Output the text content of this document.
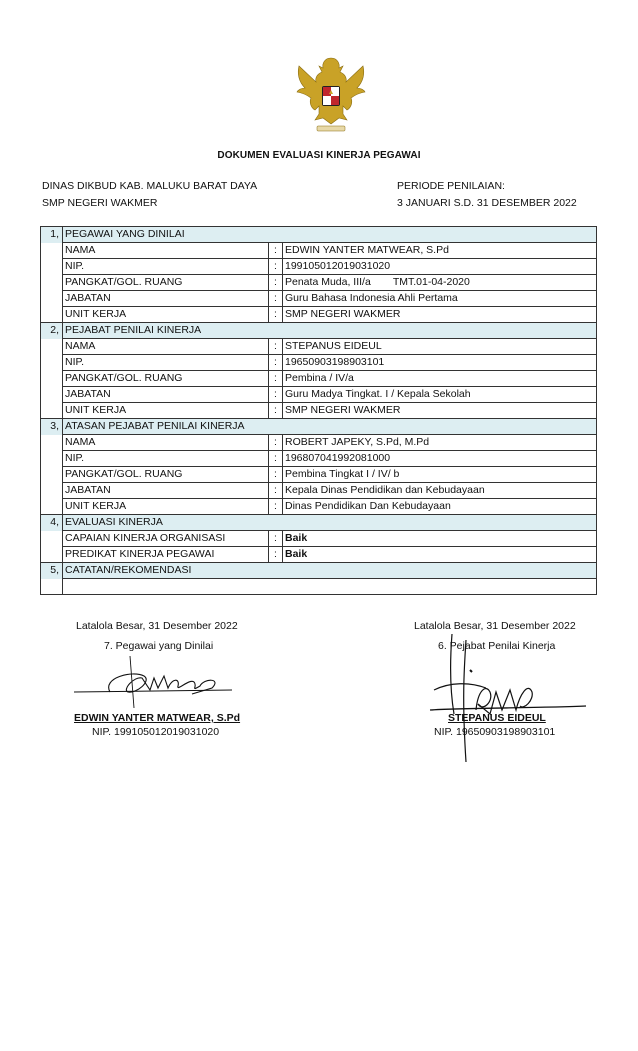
DOKUMEN EVALUASI KINERJA PEGAWAI
DINAS DIKBUD KAB. MALUKU BARAT DAYA
SMP NEGERI WAKMER
PERIODE PENILAIAN:
3 JANUARI S.D. 31 DESEMBER 2022
1,	PEGAWAI YANG DINILAI		
	NAMA	:	EDWIN YANTER MATWEAR, S.Pd
	NIP.	:	199105012019031020
	PANGKAT/GOL. RUANG	:	Penata Muda, III/a TMT.01-04-2020
	JABATAN	:	Guru Bahasa Indonesia Ahli Pertama
	UNIT KERJA	:	SMP NEGERI WAKMER
2,	PEJABAT PENILAI KINERJA		
	NAMA	:	STEPANUS EIDEUL
	NIP.	:	19650903198903101
	PANGKAT/GOL. RUANG	:	Pembina / IV/a
	JABATAN	:	Guru Madya Tingkat. I / Kepala Sekolah
	UNIT KERJA	:	SMP NEGERI WAKMER
3,	ATASAN PEJABAT PENILAI KINERJA		
	NAMA	:	ROBERT JAPEKY, S.Pd, M.Pd
	NIP.	:	196807041992081000
	PANGKAT/GOL. RUANG	:	Pembina Tingkat I / IV/ b
	JABATAN	:	Kepala Dinas Pendidikan dan Kebudayaan
	UNIT KERJA	:	Dinas Pendidikan Dan Kebudayaan
4,	EVALUASI KINERJA		
	CAPAIAN KINERJA ORGANISASI	:	Baik
	PREDIKAT KINERJA PEGAWAI	:	Baik
5,	CATATAN/REKOMENDASI		

Latalola Besar, 31 Desember 2022
7. Pegawai yang Dinilai
EDWIN YANTER MATWEAR, S.Pd
NIP. 199105012019031020
Latalola Besar, 31 Desember 2022
6. Pejabat Penilai Kinerja
STEPANUS EIDEUL
NIP. 19650903198903101
